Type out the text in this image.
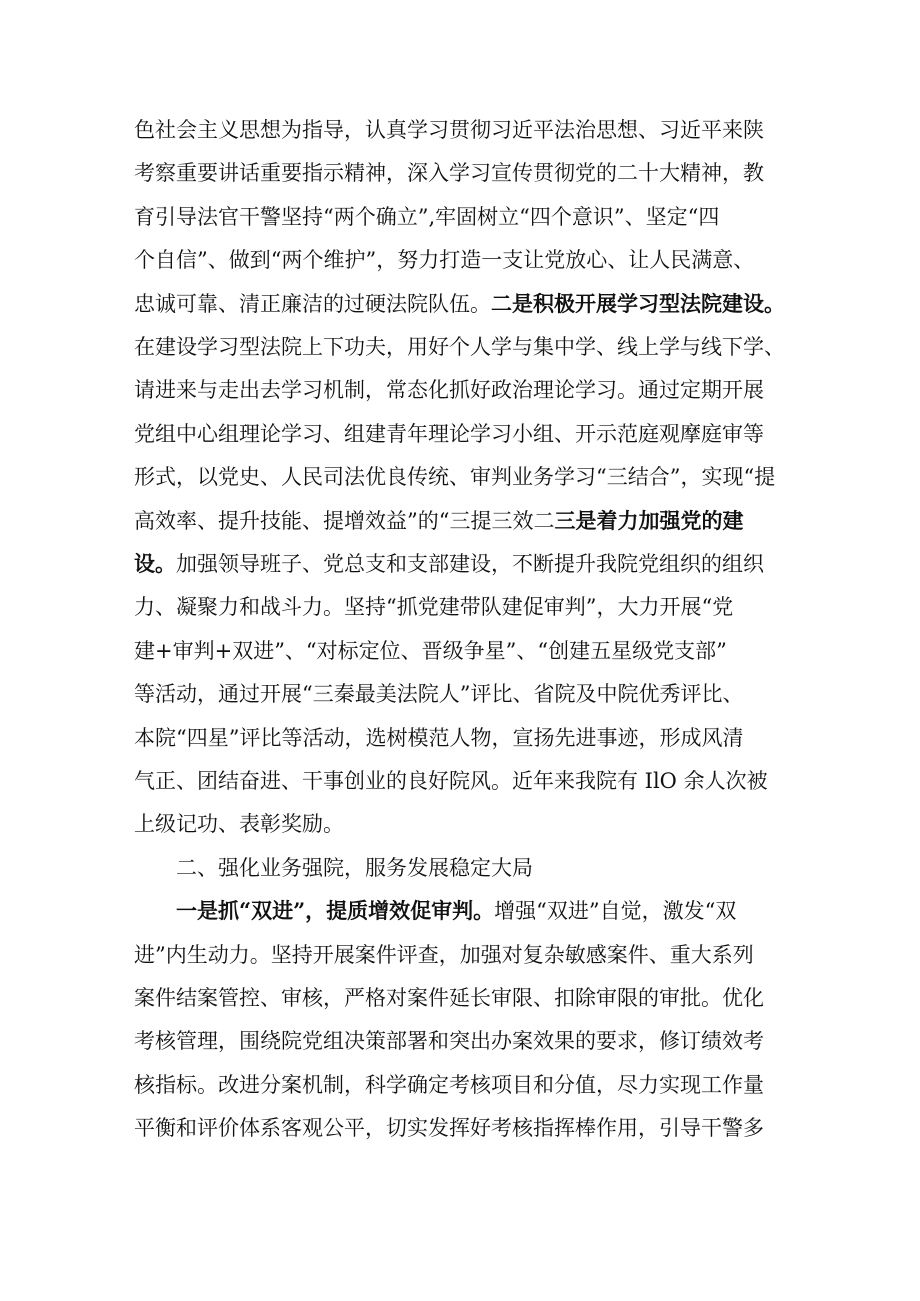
色社会主义思想为指导，认真学习贯彻习近平法治思想、习近平来陕
考察重要讲话重要指示精神，深入学习宣传贯彻党的二十大精神，教
育引导法官干警坚持“两个确立”,牢固树立“四个意识”、坚定“四
个自信”、做到“两个维护”，努力打造一支让党放心、让人民满意、
忠诚可靠、清正廉洁的过硬法院队伍。二是积极开展学习型法院建设。
在建设学习型法院上下功夫，用好个人学与集中学、线上学与线下学、
请进来与走出去学习机制，常态化抓好政治理论学习。通过定期开展
党组中心组理论学习、组建青年理论学习小组、开示范庭观摩庭审等
形式，以党史、人民司法优良传统、审判业务学习“三结合”，实现“提
高效率、提升技能、提增效益”的“三提三效二三是着力加强党的建
设。加强领导班子、党总支和支部建设，不断提升我院党组织的组织
力、凝聚力和战斗力。坚持“抓党建带队建促审判”，大力开展“党
建+审判+双进”、“对标定位、晋级争星”、“创建五星级党支部”
等活动，通过开展“三秦最美法院人”评比、省院及中院优秀评比、
本院“四星”评比等活动，选树模范人物，宣扬先进事迹，形成风清
气正、团结奋进、干事创业的良好院风。近年来我院有 IlO 余人次被
上级记功、表彰奖励。
二、强化业务强院，服务发展稳定大局
一是抓“双进”，提质增效促审判。增强“双进”自觉，激发“双
进”内生动力。坚持开展案件评查，加强对复杂敏感案件、重大系列
案件结案管控、审核，严格对案件延长审限、扣除审限的审批。优化
考核管理，围绕院党组决策部署和突出办案效果的要求，修订绩效考
核指标。改进分案机制，科学确定考核项目和分值，尽力实现工作量
平衡和评价体系客观公平，切实发挥好考核指挥棒作用，引导干警多
